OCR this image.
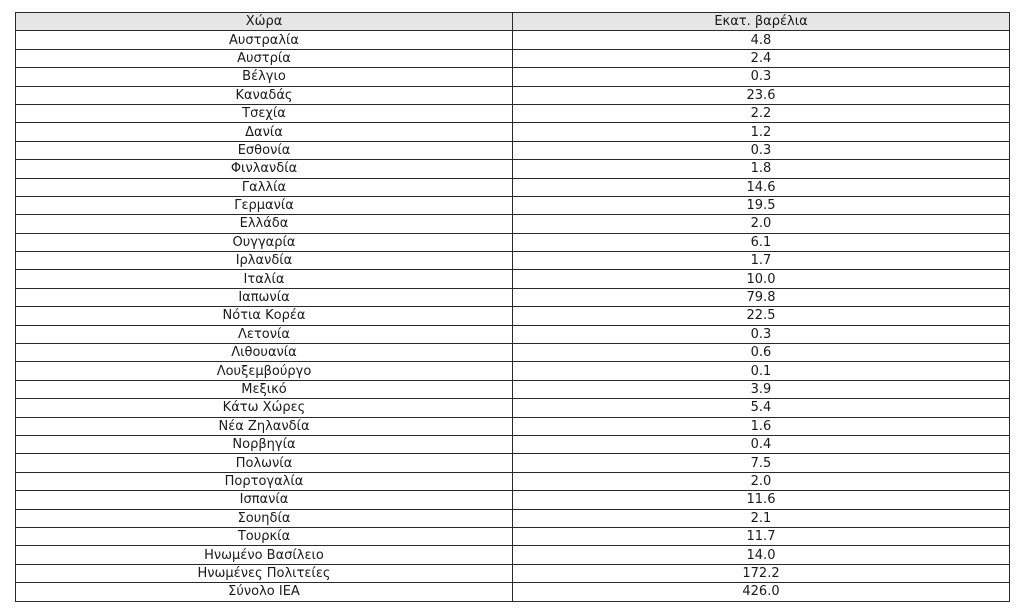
Χώρα	Εκατ. βαρέλια
Αυστραλία	4.8
Αυστρία	2.4
Βέλγιο	0.3
Καναδάς	23.6
Τσεχία	2.2
Δανία	1.2
Εσθονία	0.3
Φινλανδία	1.8
Γαλλία	14.6
Γερμανία	19.5
Ελλάδα	2.0
Ουγγαρία	6.1
Ιρλανδία	1.7
Ιταλία	10.0
Ιαπωνία	79.8
Νότια Κορέα	22.5
Λετονία	0.3
Λιθουανία	0.6
Λουξεμβούργο	0.1
Μεξικό	3.9
Κάτω Χώρες	5.4
Νέα Ζηλανδία	1.6
Νορβηγία	0.4
Πολωνία	7.5
Πορτογαλία	2.0
Ισπανία	11.6
Σουηδία	2.1
Τουρκία	11.7
Ηνωμένο Βασίλειο	14.0
Ηνωμένες Πολιτείες	172.2
Σύνολο IEA	426.0
